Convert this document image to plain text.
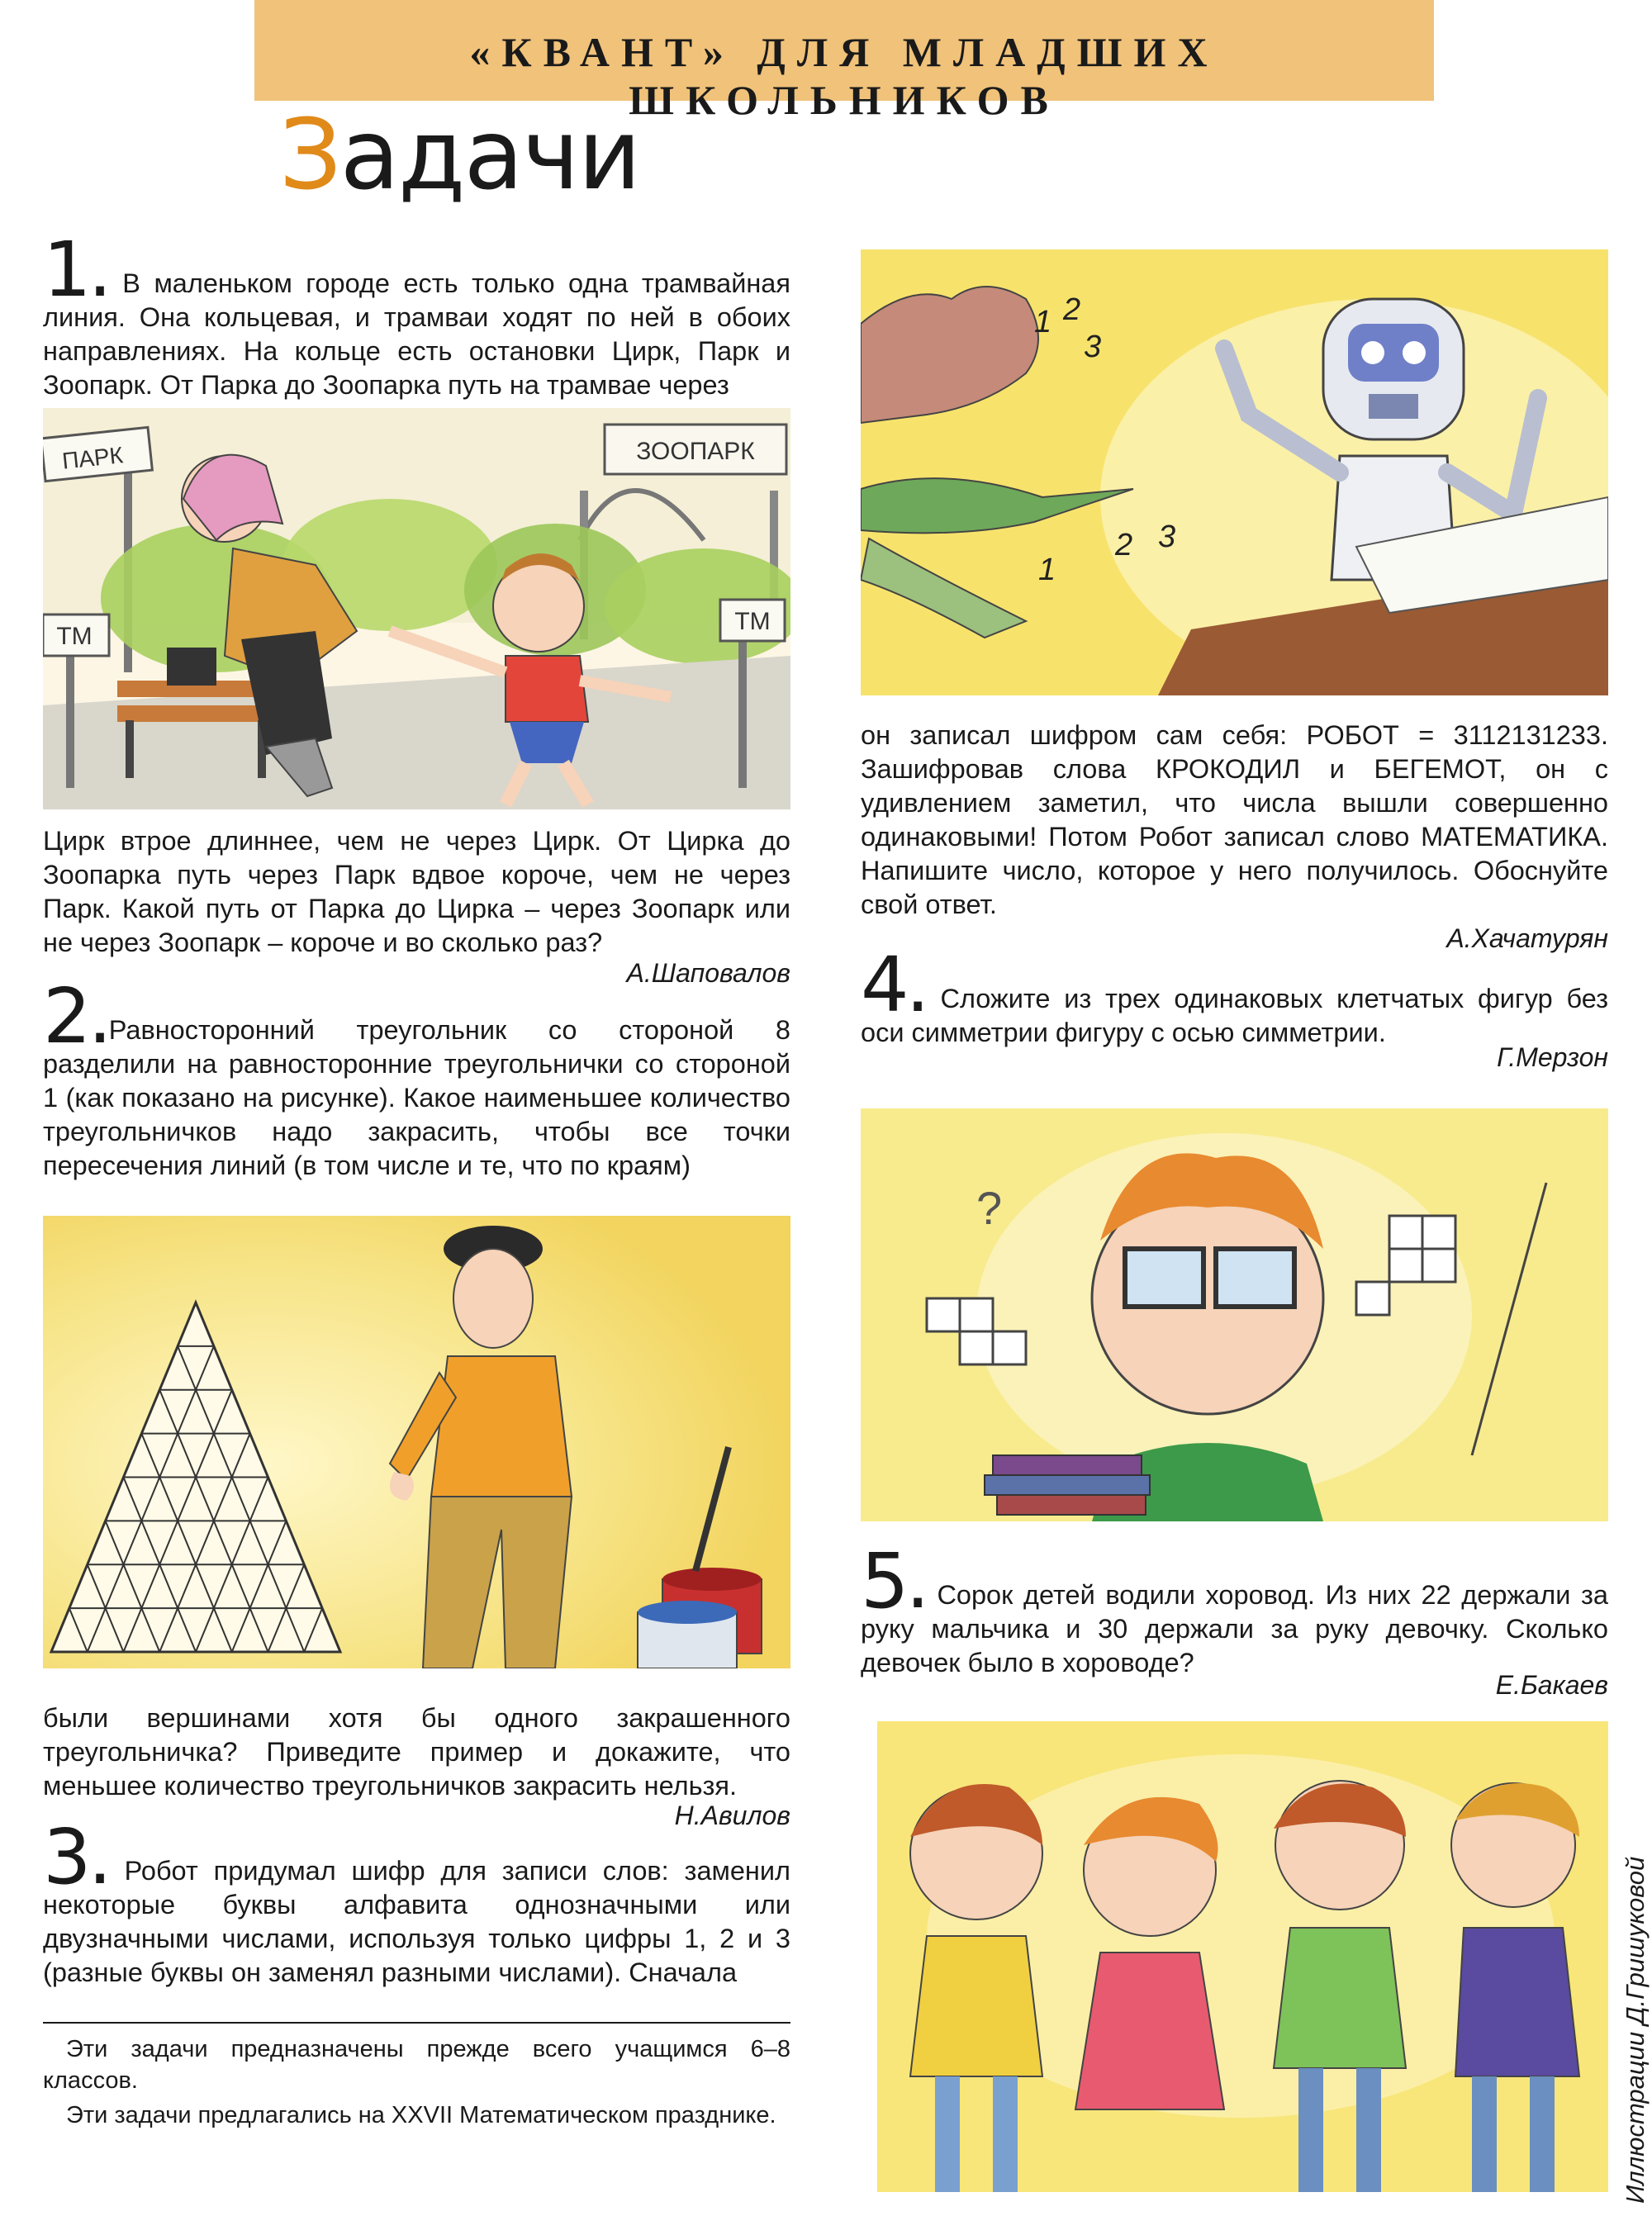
«КВАНТ» ДЛЯ МЛАДШИХ ШКОЛЬНИКОВ
Задачи
1. В маленьком городе есть только одна трамвайная линия. Она кольцевая, и трамваи ходят по ней в обоих направлениях. На кольце есть остановки Цирк, Парк и Зоопарк. От Парка до Зоопарка путь на трамвае через
ЗООПАРК
ПАРК
ТМ
ТМ
Цирк втрое длиннее, чем не через Цирк. От Цирка до Зоопарка путь через Парк вдвое короче, чем не через Парк. Какой путь от Парка до Цирка – через Зоопарк или не через Зоопарк – короче и во сколько раз?
А.Шаповалов
2.Равносторонний треугольник со стороной 8 разделили на равносторонние треугольнички со стороной 1 (как показано на рисунке). Какое наименьшее количество треугольничков надо закрасить, чтобы все точки пересечения линий (в том числе и те, что по краям)
были вершинами хотя бы одного закрашенного треугольничка? Приведите пример и докажите, что меньшее количество треугольничков закрасить нельзя.
Н.Авилов
3. Робот придумал шифр для записи слов: заменил некоторые буквы алфавита однозначными или двузначными числами, используя только цифры 1, 2 и 3 (разные буквы он заменял разными числами). Сначала
Эти задачи предназначены прежде всего учащимся 6–8 классов.
Эти задачи предлагались на XXVII Математическом празднике.
1 2
3
1
2 3
он записал шифром сам себя: РОБОТ = 3112131233. Зашифровав слова КРОКОДИЛ и БЕГЕМОТ, он с удивлением заметил, что числа вышли совершенно одинаковыми! Потом Робот записал слово МАТЕМАТИКА. Напишите число, которое у него получилось. Обоснуйте свой ответ.
А.Хачатурян
4. Сложите из трех одинаковых клетчатых фигур без оси симметрии фигуру с осью симметрии.
Г.Мерзон
?
5. Сорок детей водили хоровод. Из них 22 держали за руку мальчика и 30 держали за руку девочку. Сколько девочек было в хороводе?
Е.Бакаев
Иллюстрации Д.Гришуковой
